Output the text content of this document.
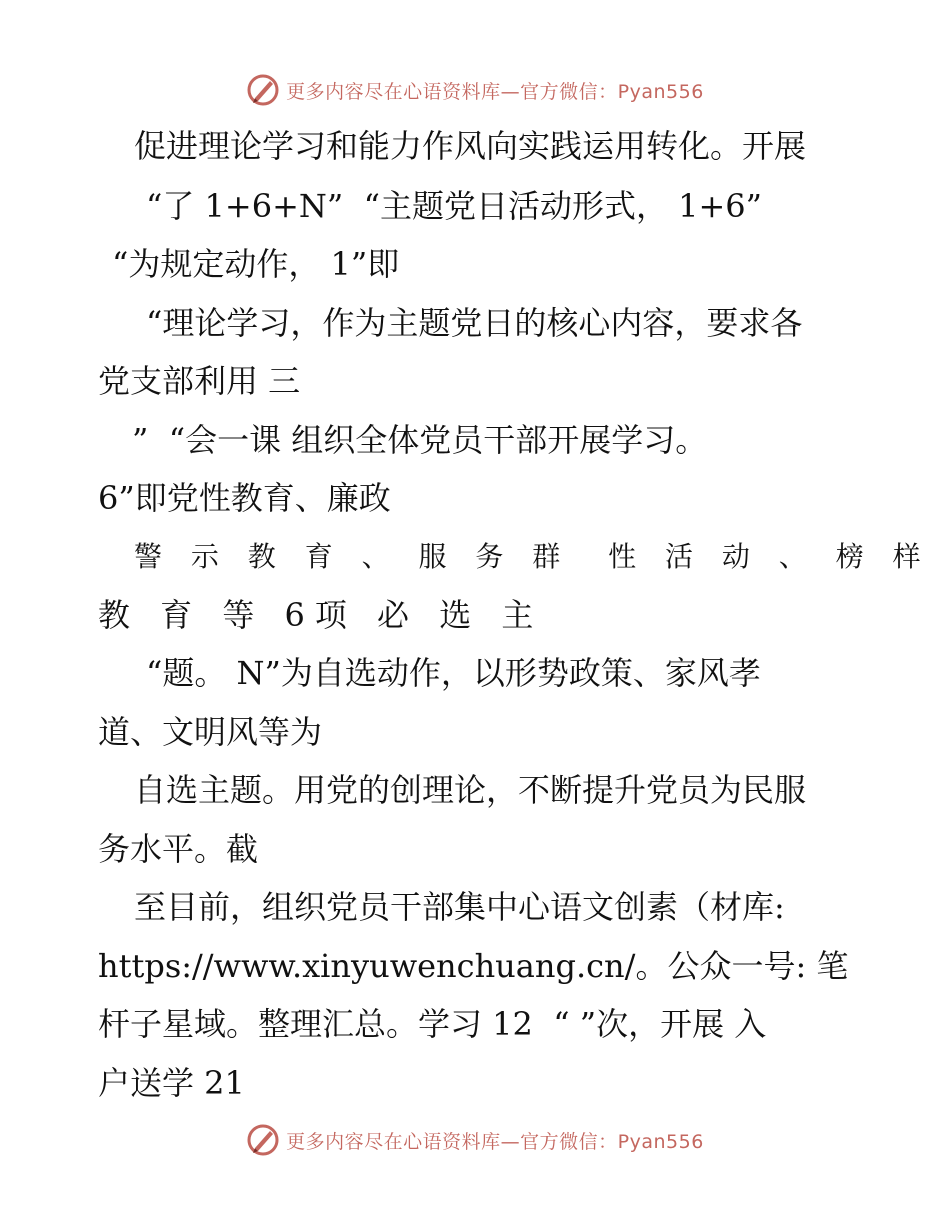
更多内容尽在心语资料库—官方微信：Pyan556
促进理论学习和能力作风向实践运用转化。开展
“了 1+6+N”  “主题党日活动形式， 1+6”
“为规定动作， 1”即
“理论学习，作为主题党日的核心内容，要求各
党支部利用 三
”  “会一课 组织全体党员干部开展学习。
6”即党性教育、廉政
警 示 教 育 、 服 务 群  性 活 动 、 榜 样
教 育 等 6项 必 选 主
“题。 N”为自选动作，以形势政策、家风孝
道、文明风等为
自选主题。用党的创理论，不断提升党员为民服
务水平。截
至目前，组织党员干部集中心语文创素（材库:
https://www.xinyuwenchuang.cn/。公众一号: 笔
杆子星域。整理汇总。学习 12  “ ”次，开展 入
户送学 21
更多内容尽在心语资料库—官方微信：Pyan556
